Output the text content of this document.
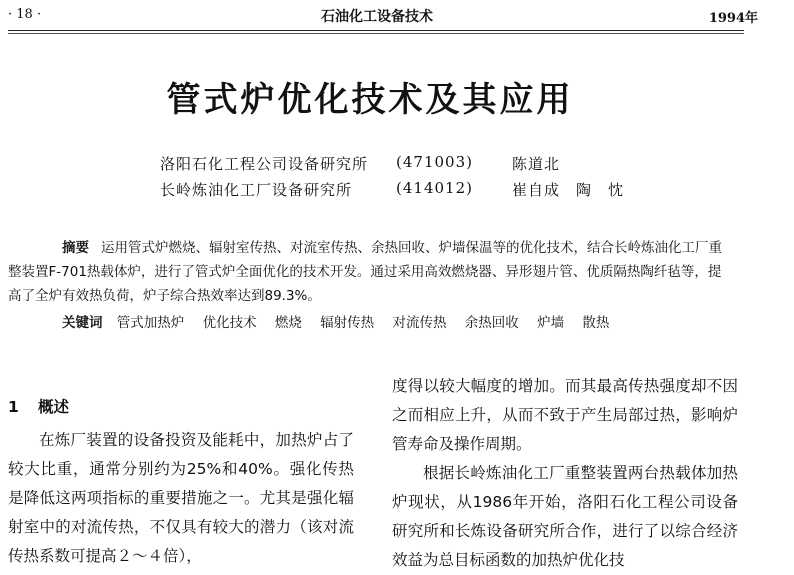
· 18 ·	石油化工设备技术	1994年
管式炉优化技术及其应用
洛阳石化工程公司设备研究所 (471003)	陈道北
长岭炼油化工厂设备研究所	(414012)	崔自成　陶　忱
摘要 运用管式炉燃烧、辐射室传热、对流室传热、余热回收、炉墙保温等的优化技术，结合长岭炼油化工厂重整装置F-701热载体炉，进行了管式炉全面优化的技术开发。通过采用高效燃烧器、异形翅片管、优质隔热陶纤毡等，提高了全炉有效热负荷，炉子综合热效率达到89.3%。
关键词 管式加热炉 优化技术 燃烧 辐射传热 对流传热 余热回收 炉墙 散热
1 概述

在炼厂装置的设备投资及能耗中，加热炉占了较大比重，通常分别约为25%和40%。强化传热是降低这两项指标的重要措施之一。尤其是强化辐射室中的对流传热，不仅具有较大的潜力（该对流传热系数可提高２～４倍），

度得以较大幅度的增加。而其最高传热强度却不因之而相应上升，从而不致于产生局部过热，影响炉管寿命及操作周期。

根据长岭炼油化工厂重整装置两台热载体加热炉现状，从1986年开始，洛阳石化工程公司设备研究所和长炼设备研究所合作，进行了以综合经济效益为总目标函数的加热炉优化技
